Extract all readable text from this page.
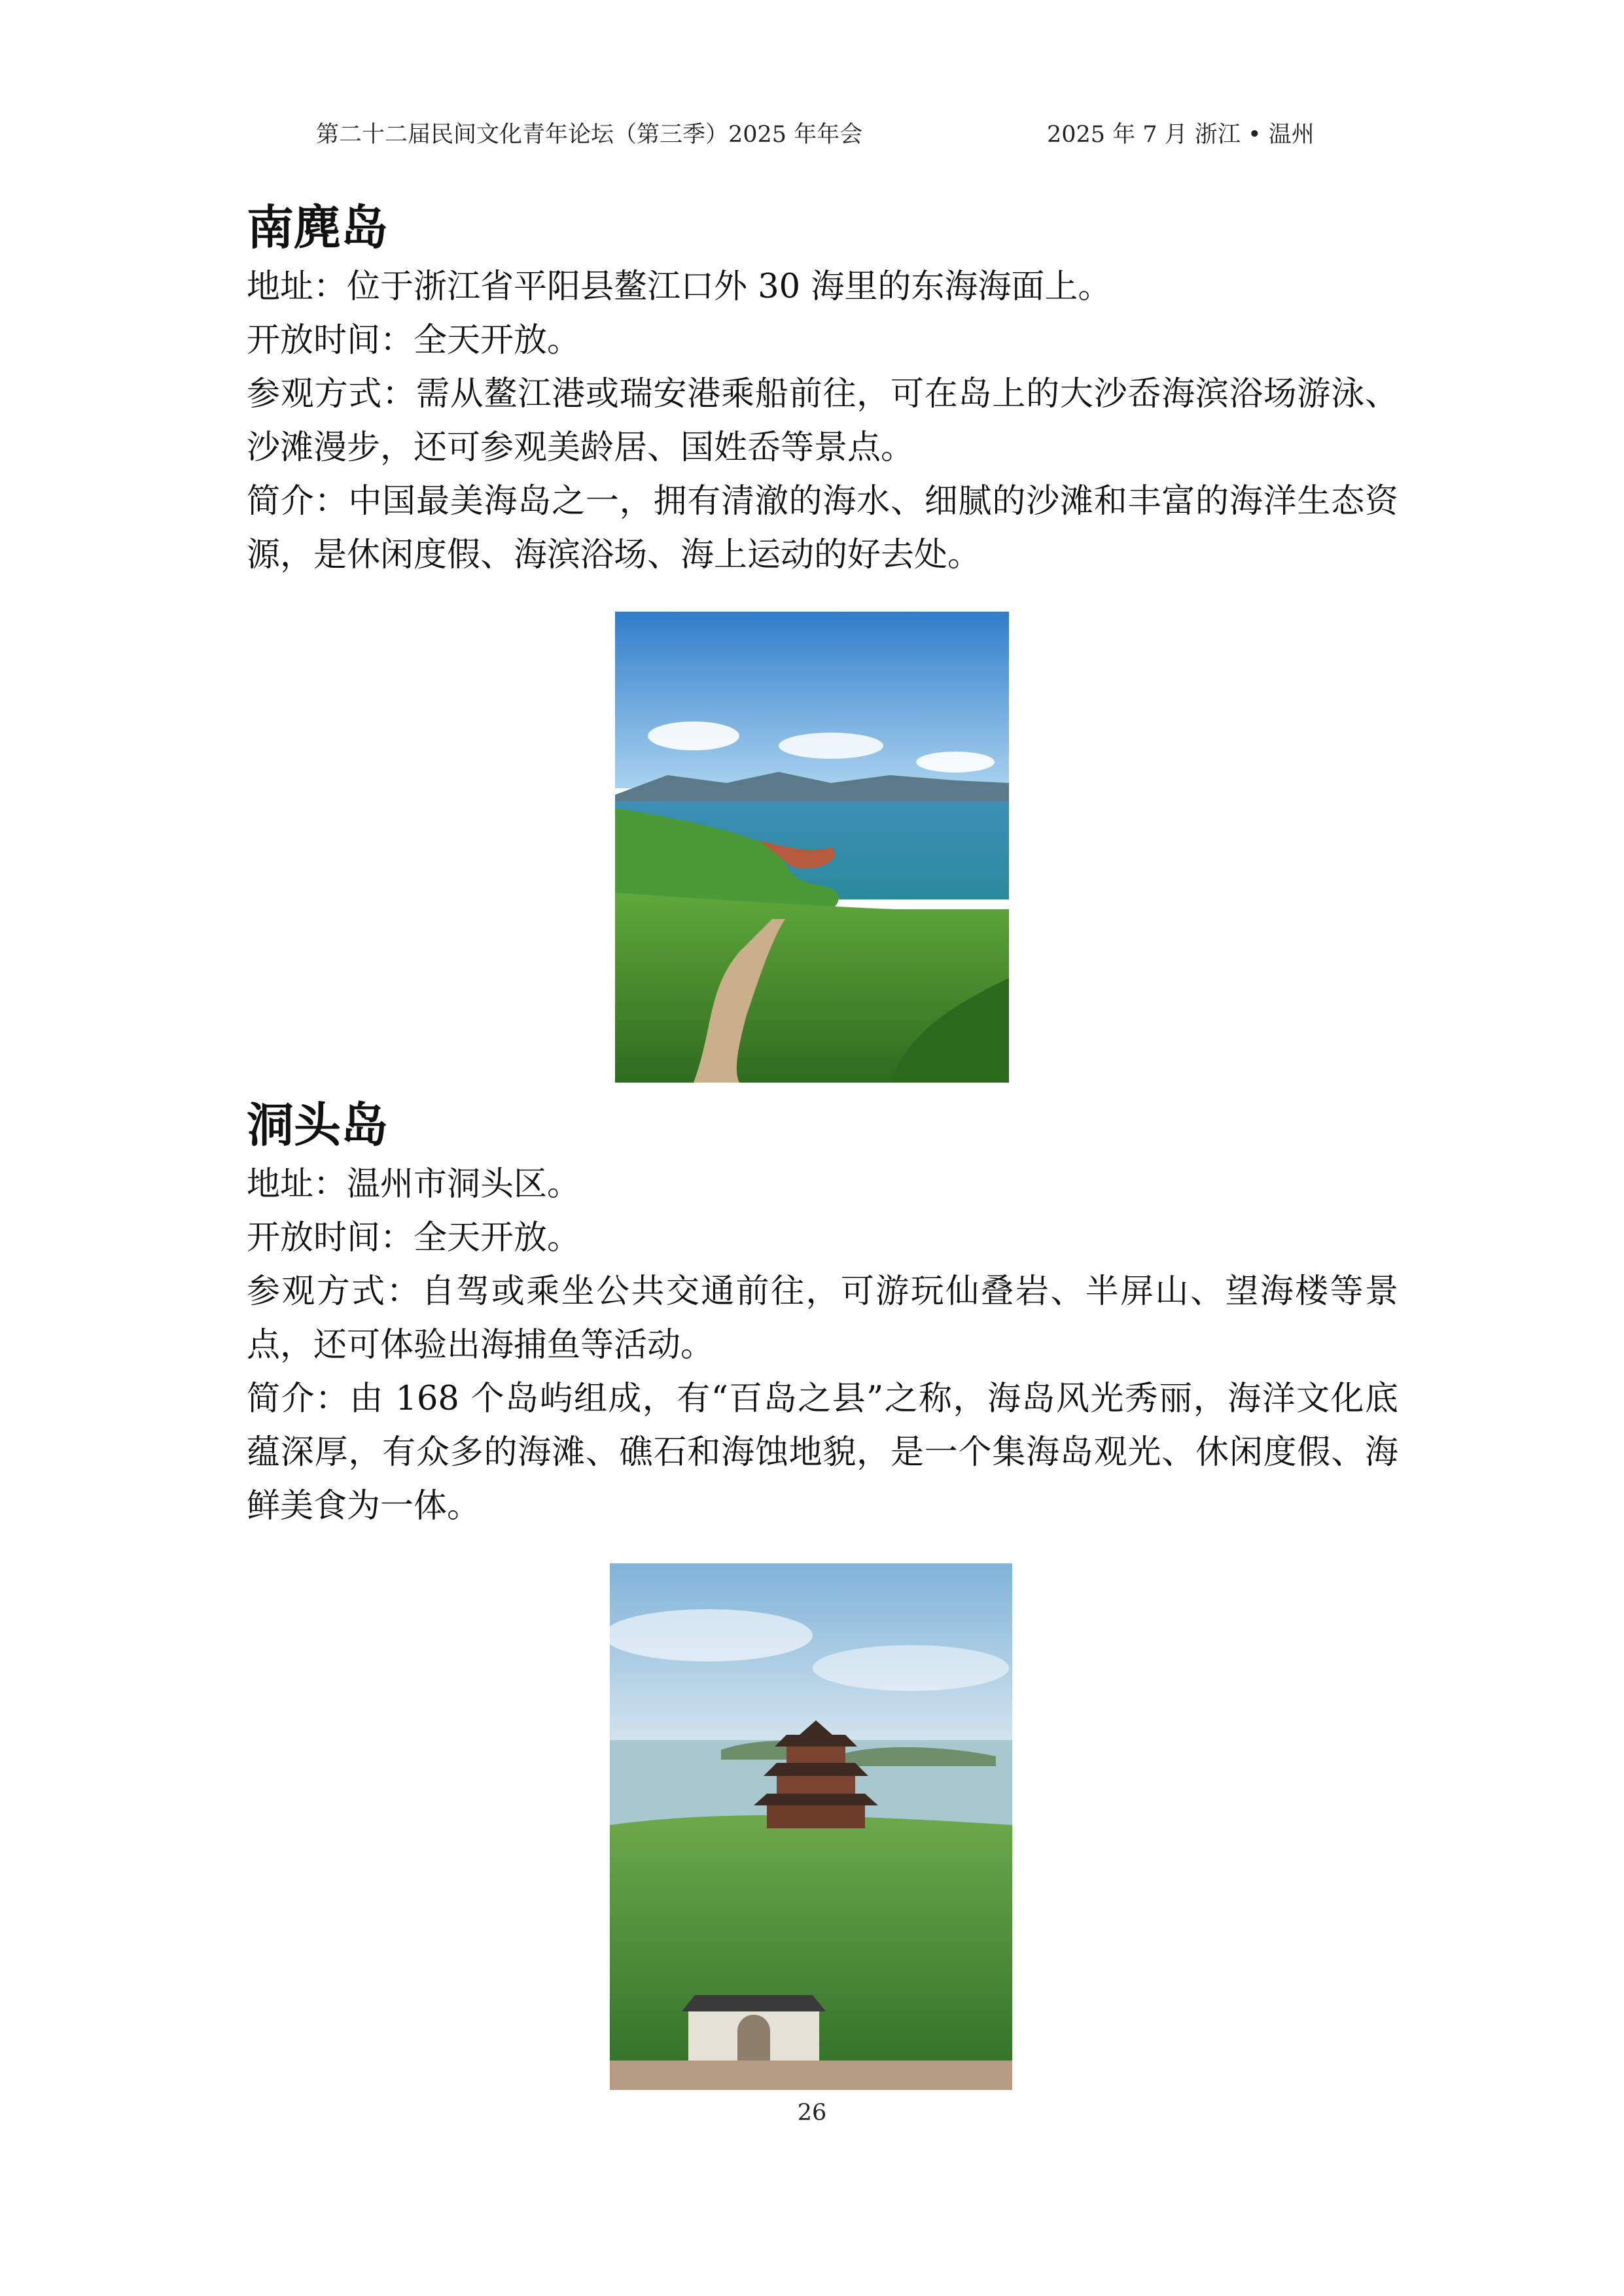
第二十二届民间文化青年论坛（第三季）2025 年年会	2025 年 7 月 浙江 • 温州
南麂岛

地址：位于浙江省平阳县鳌江口外 30 海里的东海海面上。

开放时间：全天开放。

参观方式：需从鳌江港或瑞安港乘船前往，可在岛上的大沙岙海滨浴场游泳、沙滩漫步，还可参观美龄居、国姓岙等景点。

简介：中国最美海岛之一，拥有清澈的海水、细腻的沙滩和丰富的海洋生态资源，是休闲度假、海滨浴场、海上运动的好去处。

洞头岛

地址：温州市洞头区。

开放时间：全天开放。

参观方式：自驾或乘坐公共交通前往，可游玩仙叠岩、半屏山、望海楼等景点，还可体验出海捕鱼等活动。

简介：由 168 个岛屿组成，有“百岛之县”之称，海岛风光秀丽，海洋文化底蕴深厚，有众多的海滩、礁石和海蚀地貌，是一个集海岛观光、休闲度假、海鲜美食为一体。

26
